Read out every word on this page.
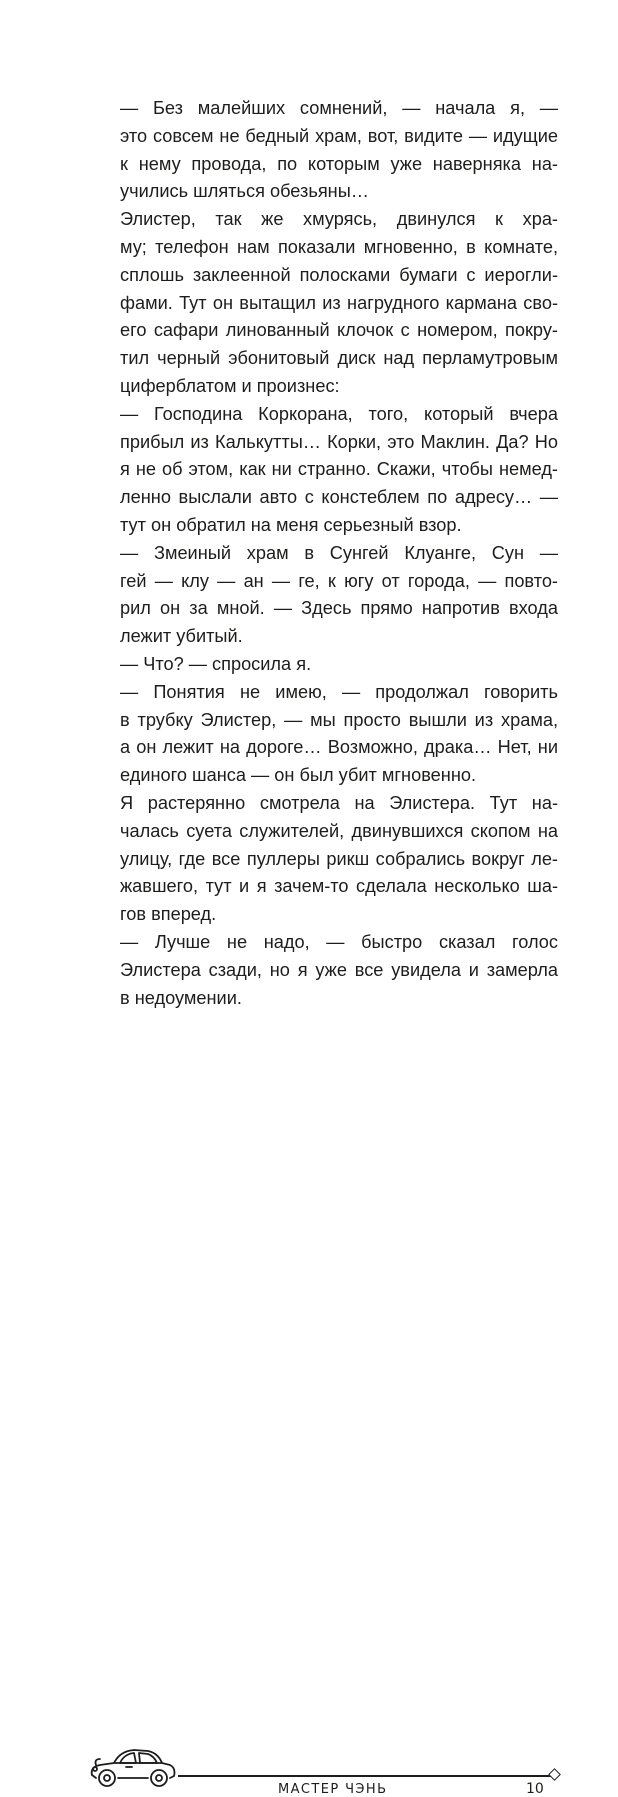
— Без малейших сомнений, — начала я, —
это совсем не бедный храм, вот, видите — идущие
к нему провода, по которым уже наверняка на-
учились шляться обезьяны…

Элистер, так же хмурясь, двинулся к хра-
му; телефон нам показали мгновенно, в комнате,
сплошь заклеенной полосками бумаги с иерогли-
фами. Тут он вытащил из нагрудного кармана сво-
его сафари линованный клочок с номером, покру-
тил черный эбонитовый диск над перламутровым
циферблатом и произнес:

— Господина Коркорана, того, который вчера
прибыл из Калькутты… Корки, это Маклин. Да? Но
я не об этом, как ни странно. Скажи, чтобы немед-
ленно выслали авто с констеблем по адресу… —
тут он обратил на меня серьезный взор.

— Змеиный храм в Сунгей Клуанге, Сун —
гей — клу — ан — ге, к югу от города, — повто-
рил он за мной. — Здесь прямо напротив входа
лежит убитый.

— Что? — спросила я.

— Понятия не имею, — продолжал говорить
в трубку Элистер, — мы просто вышли из храма,
а он лежит на дороге… Возможно, драка… Нет, ни
единого шанса — он был убит мгновенно.

Я растерянно смотрела на Элистера. Тут на-
чалась суета служителей, двинувшихся скопом на
улицу, где все пуллеры рикш собрались вокруг ле-
жавшего, тут и я зачем-то сделала несколько ша-
гов вперед.

— Лучше не надо, — быстро сказал голос
Элистера сзади, но я уже все увидела и замерла
в недоумении.

МАСТЕР ЧЭНЬ	10
